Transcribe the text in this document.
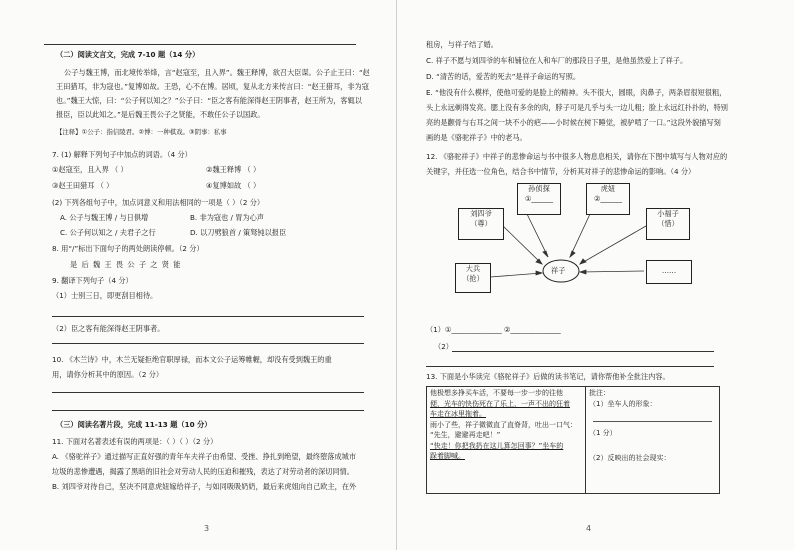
（二）阅读文言文，完成 7-10 题（14 分）
公子与魏王博，而北境传举烽，言“赵寇至，且入界”。魏王释博，欲召大臣谋。公子止王曰：“赵
王田猎耳，非为寇也。”复博如故。王恐，心不在博。居顷，复从北方来传言曰：“赵王猎耳，非为寇
也。”魏王大惊，曰：“公子何以知之？”公子曰：“臣之客有能深得赵王阴事者，赵王所为，客辄以
报臣，臣以此知之。”是后魏王畏公子之贤能，不敢任公子以国政。
【注释】①公子：指信陵君。②博：一种棋戏。③阴事：私事
7. (1) 解释下列句子中加点的词语。（4 分）
①赵寇至，且入界 （ ）	②魏王释博 （ ）
③赵王田猎耳 （ ）	④复博如故 （ ）
(2) 下列各组句子中，加点词意义和用法相同的一项是（ ）（2 分）
A. 公子与魏王博 / 与日俱增	B. 非为寇也 / 胃为心声
C. 公子何以知之 / 夫君子之行	D. 以刀劈狼首 / 策驽钝以报臣
8. 用“/”标出下面句子的两处朗读停顿。（2 分）
是 后 魏 王 畏 公 子 之 贤 能
9. 翻译下列句子（4 分）
（1）士别三日，即更刮目相待。
（2）臣之客有能深得赵王阴事者。
10. 《木兰诗》中，木兰无疑拒绝官职厚禄，而本文公子运筹帷幄，却没有受到魏王的重
用，请你分析其中的原因。（2 分）
（三）阅读名著片段，完成 11-13 题（10 分）
11. 下面对名著表述有误的两项是：（ ）（ ）（2 分）
A. 《骆驼祥子》通过描写正直好强的青年车夫祥子由希望、受挫、挣扎到绝望，最终堕落成城市
垃圾的悲惨遭遇，揭露了黑暗的旧社会对劳动人民的压迫和摧残，表达了对劳动者的深切同情。
B. 刘四爷对待自己，坚决不同意虎妞嫁给祥子，与如同吸吸奶奶，最后来虎姐向自己欧主，在外
3
租房，与祥子结了婚。
C. 祥子不愿与刘四爷的车和铺位在人和车厂的那段日子里，是他虽然爱上了祥子。
D. “清苦的话，爱苦的死去”是祥子命运的写照。
E. “他没有什么模样，使他可爱的是脸上的精神。头不很大，圆眼，肉鼻子，两条眉很短很粗，
头上永远剃得发亮。腮上没有多余的肉，脖子可是几乎与头一边儿粗；脸上永远红扑扑的，特别
亮的是颧骨与右耳之间一块不小的疤——小时候在树下睡觉，被驴啃了一口。”这段外貌描写刻
画的是《骆驼祥子》中的老马。
12. 《骆驼祥子》中祥子的悲惨命运与书中很多人物息息相关，请你在下图中填写与人物对应的
关键字，并任选一位角色，结合书中情节，分析其对祥子的悲惨命运的影响。（4 分）
孙侦探
①______
虎妞
②______
刘四爷
（尊）
小福子
（惜）
祥子
大兵
（抢）
……
（1）①______________ ②______________
（2）
13. 下面是小华读完《骆驼祥子》后做的读书笔记，请你帮他补全批注内容。
他极想多挣买车活，不要每一步一步的往他
便，光车的快伤死在了乐上，一声不出的狂着
车走在冰里拖着。
雨小了些，祥子微微直了直脊背，吐出一口气：
“先生，避避再走吧！”
“快走！你把我扔在这儿算怎回事？”坐车的
跺着脚喊。

批注：
（1）坐车人的形象：
（1 分）
（2）反映出的社会现实：
4
